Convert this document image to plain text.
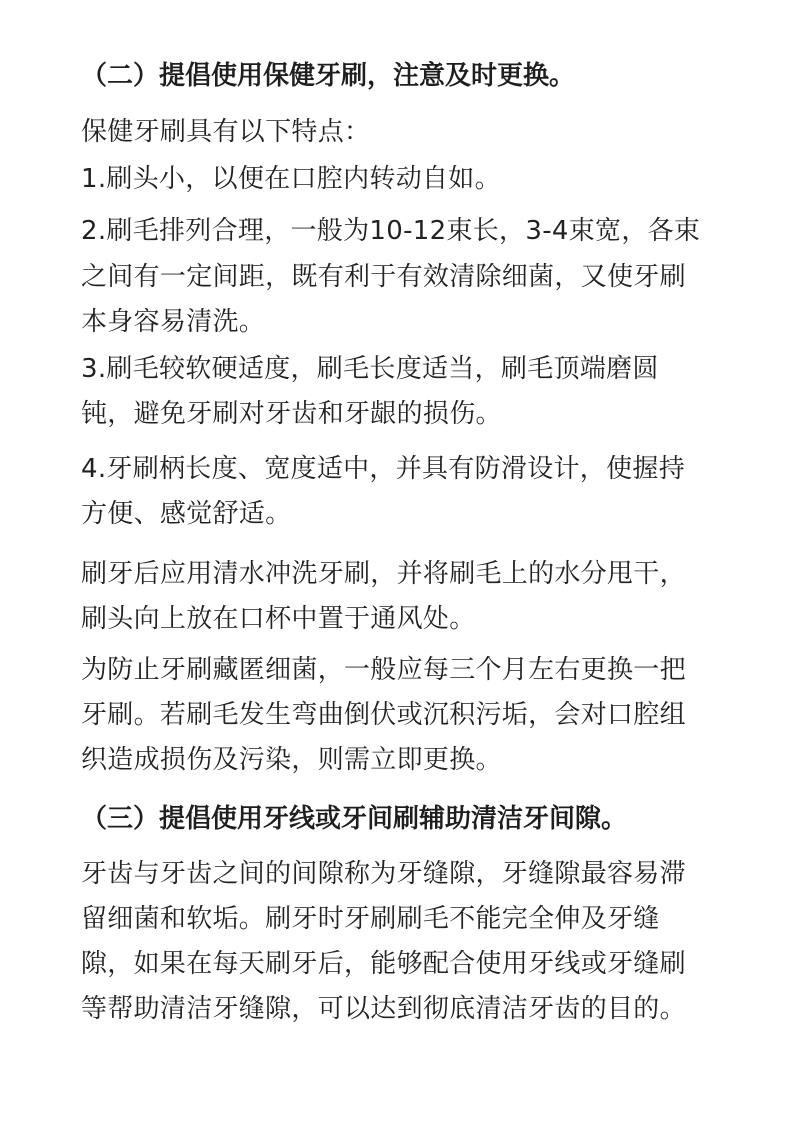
（二）提倡使用保健牙刷，注意及时更换。
保健牙刷具有以下特点：
1.刷头小，以便在口腔内转动自如。
2.刷毛排列合理，一般为10-12束长，3-4束宽，各束
之间有一定间距，既有利于有效清除细菌，又使牙刷
本身容易清洗。
3.刷毛较软硬适度，刷毛长度适当，刷毛顶端磨圆
钝，避免牙刷对牙齿和牙龈的损伤。
4.牙刷柄长度、宽度适中，并具有防滑设计，使握持
方便、感觉舒适。
刷牙后应用清水冲洗牙刷，并将刷毛上的水分甩干，
刷头向上放在口杯中置于通风处。
为防止牙刷藏匿细菌，一般应每三个月左右更换一把
牙刷。若刷毛发生弯曲倒伏或沉积污垢，会对口腔组
织造成损伤及污染，则需立即更换。
（三）提倡使用牙线或牙间刷辅助清洁牙间隙。
牙齿与牙齿之间的间隙称为牙缝隙，牙缝隙最容易滞
留细菌和软垢。刷牙时牙刷刷毛不能完全伸及牙缝
隙，如果在每天刷牙后，能够配合使用牙线或牙缝刷
等帮助清洁牙缝隙，可以达到彻底清洁牙齿的目的。
